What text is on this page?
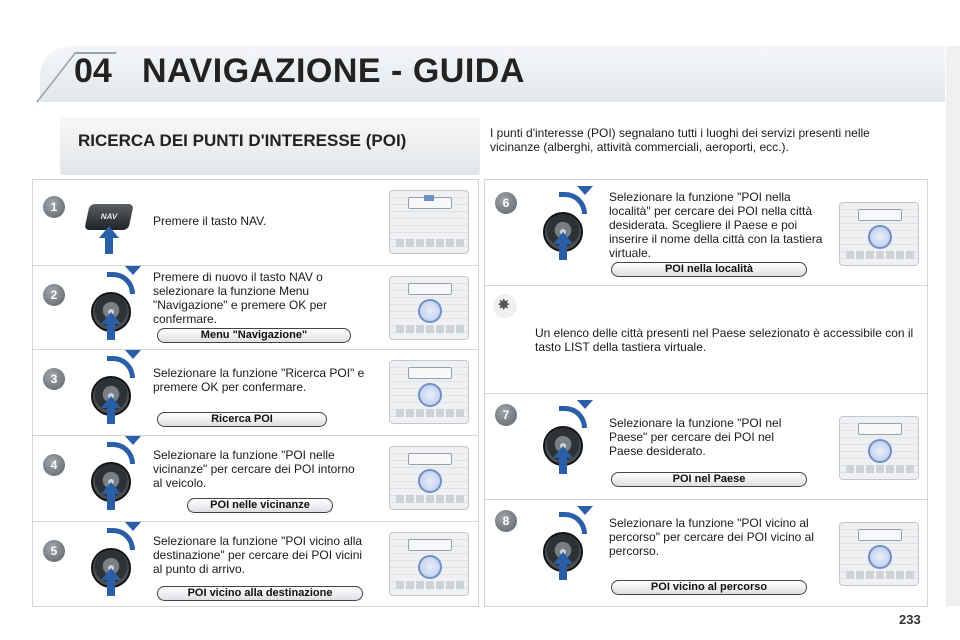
04 NAVIGAZIONE - GUIDA
RICERCA DEI PUNTI D'INTERESSE (POI)	I punti d'interesse (POI) segnalano tutti i luoghi dei servizi presenti nelle vicinanze (alberghi, attività commerciali, aeroporti, ecc.).
1
NAV	Premere il tasto NAV.
2
Premere di nuovo il tasto NAV o selezionare la funzione Menu "Navigazione" e premere OK per confermare.
Menu "Navigazione"
3	Selezionare la funzione "Ricerca POI" e premere OK per confermare.
Ricerca POI
4
Selezionare la funzione "POI nelle vicinanze" per cercare dei POI intorno al veicolo.
POI nelle vicinanze
5
Selezionare la funzione "POI vicino alla destinazione" per cercare dei POI vicini al punto di arrivo.
POI vicino alla destinazione
6	Selezionare la funzione "POI nella località" per cercare dei POI nella città desiderata. Scegliere il Paese e poi inserire il nome della città con la tastiera virtuale.
POI nella località
✸
Un elenco delle città presenti nel Paese selezionato è accessibile con il tasto LIST della tastiera virtuale.
7
Selezionare la funzione "POI nel Paese" per cercare dei POI nel Paese desiderato.
POI nel Paese
8	Selezionare la funzione "POI vicino al percorso" per cercare dei POI vicino al percorso.
POI vicino al percorso
233
